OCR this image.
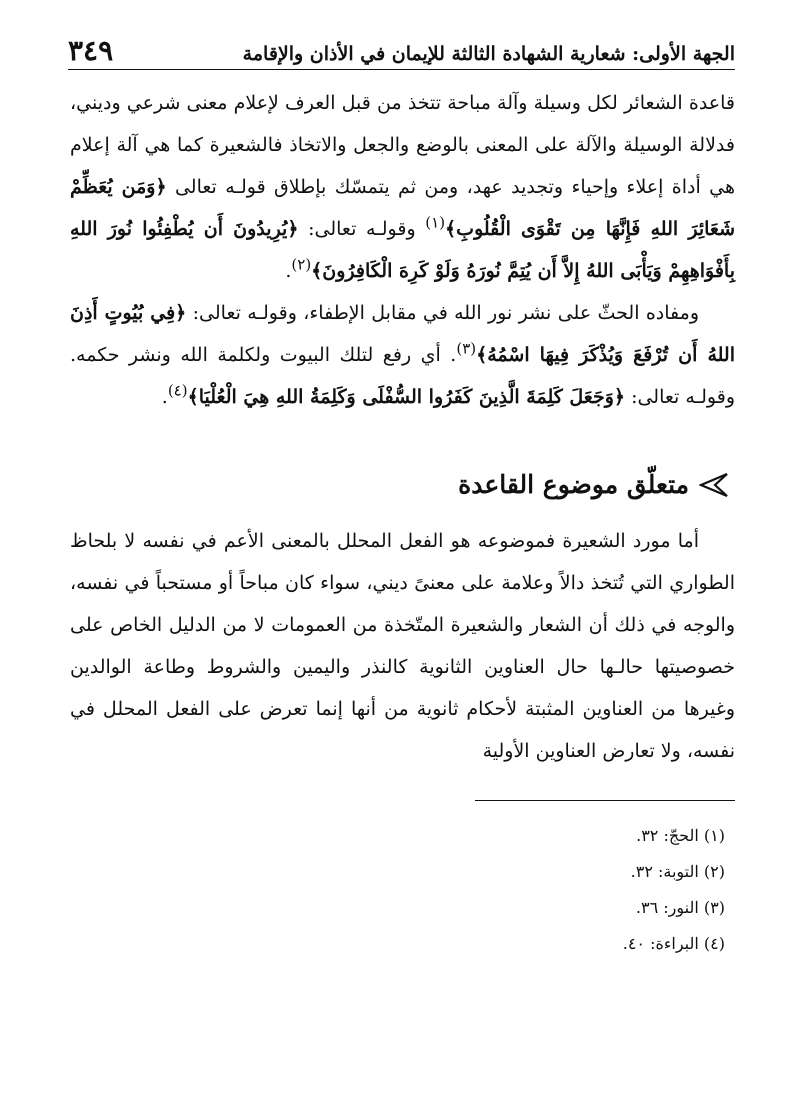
الجهة الأولى: شعارية الشهادة الثالثة للإيمان في الأذان والإقامة
٣٤٩

قاعدة الشعائر لكل وسيلة وآلة مباحة تتخذ من قبل العرف لإعلام معنى شرعي وديني، فدلالة الوسيلة والآلة على المعنى بالوضع والجعل والاتخاذ فالشعيرة كما هي آلة إعلام هي أداة إعلاء وإحياء وتجديد عهد، ومن ثم يتمسّك بإطلاق قولـه تعالى ﴿وَمَن يُعَظِّمْ شَعَائِرَ اللهِ فَإِنَّهَا مِن تَقْوَى الْقُلُوبِ﴾$^{(١)}$ وقولـه تعالى: ﴿يُرِيدُونَ أَن يُطْفِئُوا نُورَ اللهِ بِأَفْوَاهِهِمْ وَيَأْبَى اللهُ إِلاَّ أَن يُتِمَّ نُورَهُ وَلَوْ كَرِهَ الْكَافِرُونَ﴾$^{(٢)}$.

ومفاده الحثّ على نشر نور الله في مقابل الإطفاء، وقولـه تعالى: ﴿فِي بُيُوتٍ أَذِنَ اللهُ أَن تُرْفَعَ وَيُذْكَرَ فِيهَا اسْمُهُ﴾$^{(٣)}$. أي رفع لتلك البيوت ولكلمة الله ونشر حكمه. وقولـه تعالى: ﴿وَجَعَلَ كَلِمَةَ الَّذِينَ كَفَرُوا السُّفْلَى وَكَلِمَةُ اللهِ هِيَ الْعُلْيَا﴾$^{(٤)}$.

متعلّق موضوع القاعدة

أما مورد الشعيرة فموضوعه هو الفعل المحلل بالمعنى الأعم في نفسه لا بلحاظ الطواري التي تُتخذ دالاً وعلامة على معنىً ديني، سواء كان مباحاً أو مستحباً في نفسه، والوجه في ذلك أن الشعار والشعيرة المتّخذة من العمومات لا من الدليل الخاص على خصوصيتها حالـها حال العناوين الثانوية كالنذر واليمين والشروط وطاعة الوالدين وغيرها من العناوين المثبتة لأحكام ثانوية من أنها إنما تعرض على الفعل المحلل في نفسه، ولا تعارض العناوين الأولية

(١) الحجّ: ٣٢.
(٢) التوبة: ٣٢.
(٣) النور: ٣٦.
(٤) البراءة: ٤٠.
